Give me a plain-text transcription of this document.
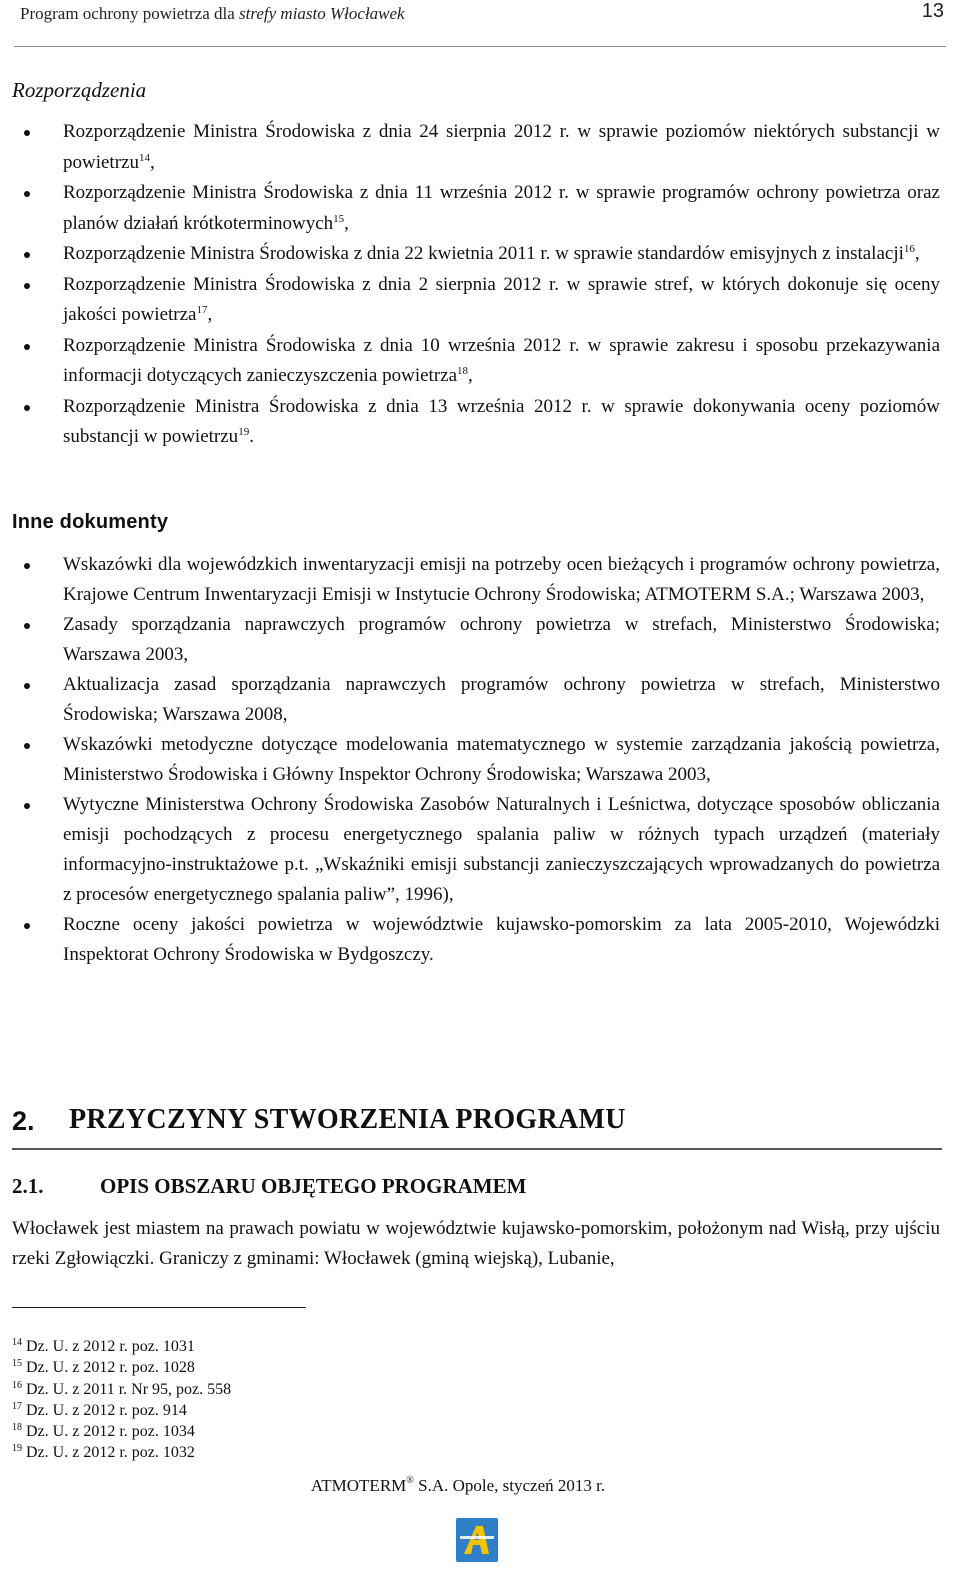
Program ochrony powietrza dla strefy miasto Włocławek	13
Rozporządzenia
Rozporządzenie Ministra Środowiska z dnia 24 sierpnia 2012 r. w sprawie poziomów niektórych substancji w powietrzu$^{14}$,
Rozporządzenie Ministra Środowiska z dnia 11 września 2012 r. w sprawie programów ochrony powietrza oraz planów działań krótkoterminowych$^{15}$,
Rozporządzenie Ministra Środowiska z dnia 22 kwietnia 2011 r. w sprawie standardów emisyjnych z instalacji$^{16}$,
Rozporządzenie Ministra Środowiska z dnia 2 sierpnia 2012 r. w sprawie stref, w których dokonuje się oceny jakości powietrza$^{17}$,
Rozporządzenie Ministra Środowiska z dnia 10 września 2012 r. w sprawie zakresu i sposobu przekazywania informacji dotyczących zanieczyszczenia powietrza$^{18}$,
Rozporządzenie Ministra Środowiska z dnia 13 września 2012 r. w sprawie dokonywania oceny poziomów substancji w powietrzu$^{19}$.
Inne dokumenty
Wskazówki dla wojewódzkich inwentaryzacji emisji na potrzeby ocen bieżących i programów ochrony powietrza, Krajowe Centrum Inwentaryzacji Emisji w Instytucie Ochrony Środowiska; ATMOTERM S.A.; Warszawa 2003,
Zasady sporządzania naprawczych programów ochrony powietrza w strefach, Ministerstwo Środowiska; Warszawa 2003,
Aktualizacja zasad sporządzania naprawczych programów ochrony powietrza w strefach, Ministerstwo Środowiska; Warszawa 2008,
Wskazówki metodyczne dotyczące modelowania matematycznego w systemie zarządzania jakością powietrza, Ministerstwo Środowiska i Główny Inspektor Ochrony Środowiska; Warszawa 2003,
Wytyczne Ministerstwa Ochrony Środowiska Zasobów Naturalnych i Leśnictwa, dotyczące sposobów obliczania emisji pochodzących z procesu energetycznego spalania paliw w różnych typach urządzeń (materiały informacyjno-instruktażowe p.t. „Wskaźniki emisji substancji zanieczyszczających wprowadzanych do powietrza z procesów energetycznego spalania paliw”, 1996),
Roczne oceny jakości powietrza w województwie kujawsko-pomorskim za lata 2005-2010, Wojewódzki Inspektorat Ochrony Środowiska w Bydgoszczy.
2. PRZYCZYNY STWORZENIA PROGRAMU
2.1.	OPIS OBSZARU OBJĘTEGO PROGRAMEM
Włocławek jest miastem na prawach powiatu w województwie kujawsko-pomorskim, położonym nad Wisłą, przy ujściu rzeki Zgłowiączki. Graniczy z gminami: Włocławek (gminą wiejską), Lubanie,
$^{14}$ Dz. U. z 2012 r. poz. 1031
$^{15}$ Dz. U. z 2012 r. poz. 1028
$^{16}$ Dz. U. z 2011 r. Nr 95, poz. 558
$^{17}$ Dz. U. z 2012 r. poz. 914
$^{18}$ Dz. U. z 2012 r. poz. 1034
$^{19}$ Dz. U. z 2012 r. poz. 1032
ATMOTERM® S.A. Opole, styczeń 2013 r.
